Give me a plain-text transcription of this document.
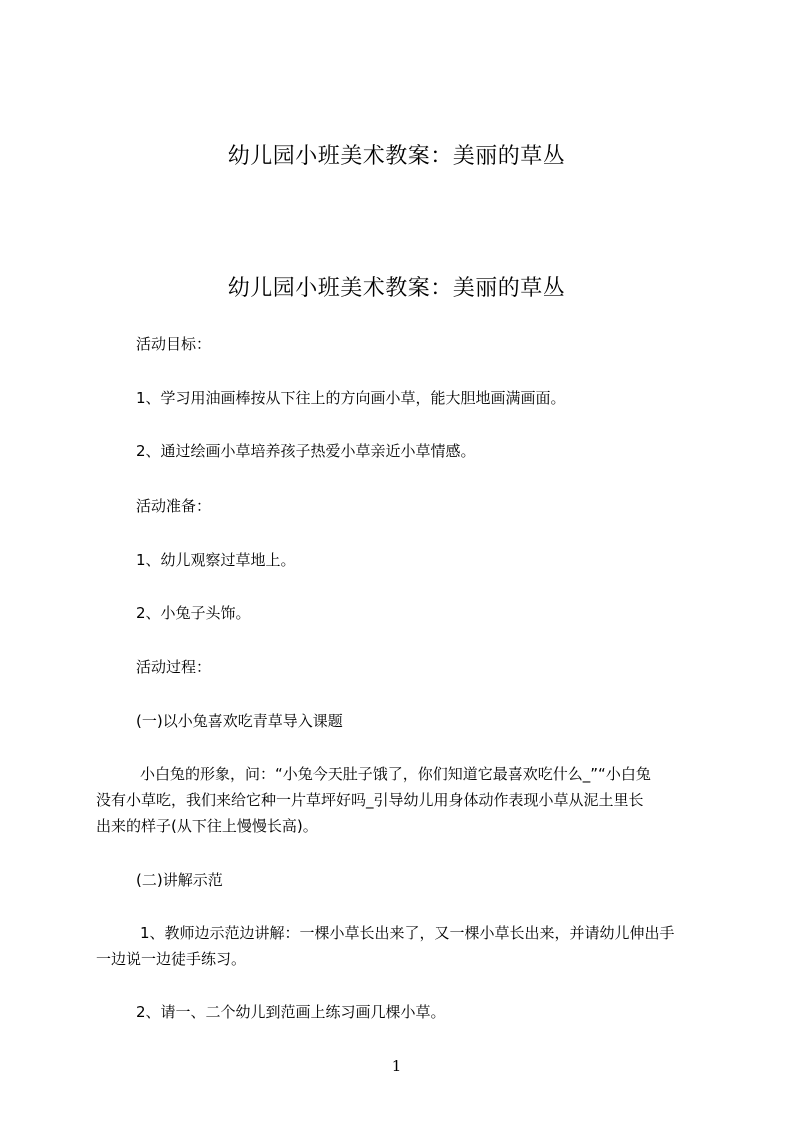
幼儿园小班美术教案：美丽的草丛
幼儿园小班美术教案：美丽的草丛
活动目标：
1、学习用油画棒按从下往上的方向画小草，能大胆地画满画面。
2、通过绘画小草培养孩子热爱小草亲近小草情感。
活动准备：
1、幼儿观察过草地上。
2、小兔子头饰。
活动过程：
(一)以小兔喜欢吃青草导入课题
小白兔的形象，问：“小兔今天肚子饿了，你们知道它最喜欢吃什么_”“小白兔
没有小草吃，我们来给它种一片草坪好吗_引导幼儿用身体动作表现小草从泥土里长
出来的样子(从下往上慢慢长高)。
(二)讲解示范
1、教师边示范边讲解：一棵小草长出来了，又一棵小草长出来，并请幼儿伸出手
一边说一边徒手练习。
2、请一、二个幼儿到范画上练习画几棵小草。
1
